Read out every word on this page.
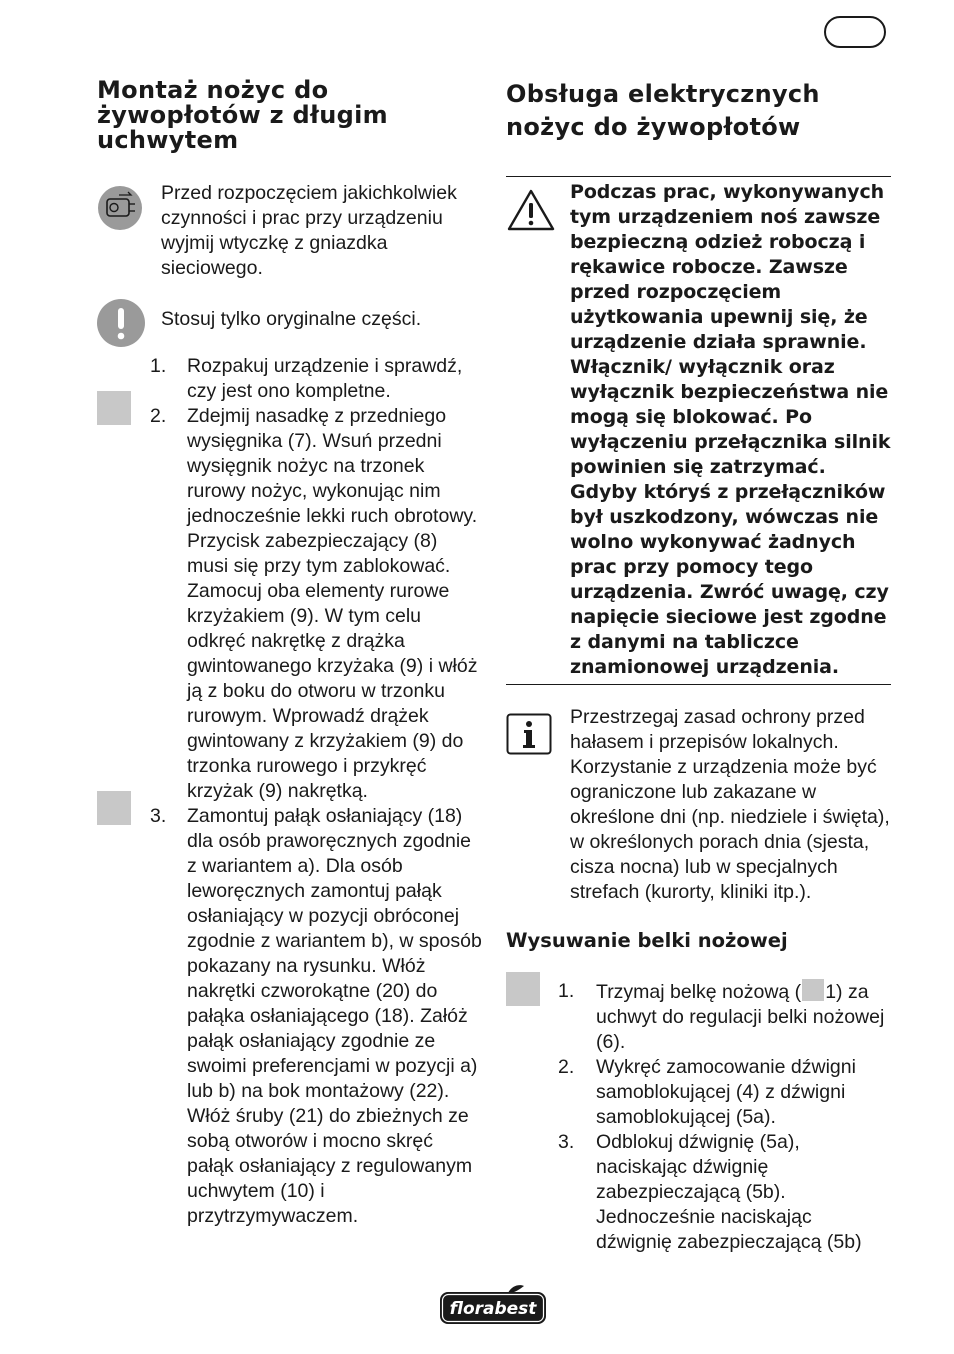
Montaż nożyc do żywopłotów z długim uchwytem
Przed rozpoczęciem jakichkolwiek czynności i prac przy urządzeniu wyjmij wtyczkę z gniazdka sieciowego.
Stosuj tylko oryginalne części.
1. Rozpakuj urządzenie i sprawdź, czy jest ono kompletne.
2. Zdejmij nasadkę z przedniego wysięgnika (7). Wsuń przedni wysięgnik nożyc na trzonek rurowy nożyc, wykonując nim jednocześnie lekki ruch obrotowy. Przycisk zabezpieczający (8) musi się przy tym zablokować. Zamocuj oba elementy rurowe krzyżakiem (9). W tym celu odkręć nakrętkę z drążka gwintowanego krzyżaka (9) i włóż ją z boku do otworu w trzonku rurowym. Wprowadź drążek gwintowany z krzyżakiem (9) do trzonka rurowego i przykręć krzyżak (9) nakrętką.
3. Zamontuj pałąk osłaniający (18) dla osób praworęcznych zgodnie z wariantem a). Dla osób leworęcznych zamontuj pałąk osłaniający w pozycji obróconej zgodnie z wariantem b), w sposób pokazany na rysunku. Włóż nakrętki czworokątne (20) do pałąka osłaniającego (18). Załóż pałąk osłaniający zgodnie ze swoimi preferencjami w pozycji a) lub b) na bok montażowy (22). Włóż śruby (21) do zbieżnych ze sobą otworów i mocno skręć pałąk osłaniający z regulowanym uchwytem (10) i przytrzymywaczem.
Obsługa elektrycznych nożyc do żywopłotów
Podczas prac, wykonywanych tym urządzeniem noś zawsze bezpieczną odzież roboczą i rękawice robocze. Zawsze przed rozpoczęciem użytkowania upewnij się, że urządzenie działa sprawnie. Włącznik/ wyłącznik oraz wyłącznik bezpieczeństwa nie mogą się blokować. Po wyłączeniu przełącznika silnik powinien się zatrzymać. Gdyby któryś z przełączników był uszkodzony, wówczas nie wolno wykonywać żadnych prac przy pomocy tego urządzenia. Zwróć uwagę, czy napięcie sieciowe jest zgodne z danymi na tabliczce znamionowej urządzenia.
Przestrzegaj zasad ochrony przed hałasem i przepisów lokalnych. Korzystanie z urządzenia może być ograniczone lub zakazane w określone dni (np. niedziele i święta), w określonych porach dnia (sjesta, cisza nocna) lub w specjalnych strefach (kurorty, kliniki itp.).
Wysuwanie belki nożowej
1. Trzymaj belkę nożową ( 1) za uchwyt do regulacji belki nożowej (6).
2. Wykręć zamocowanie dźwigni samoblokującej (4) z dźwigni samoblokującej (5a).
3. Odblokuj dźwignię (5a), naciskając dźwignię zabezpieczającą (5b). Jednocześnie naciskając dźwignię zabezpieczającą (5b)
florabest
